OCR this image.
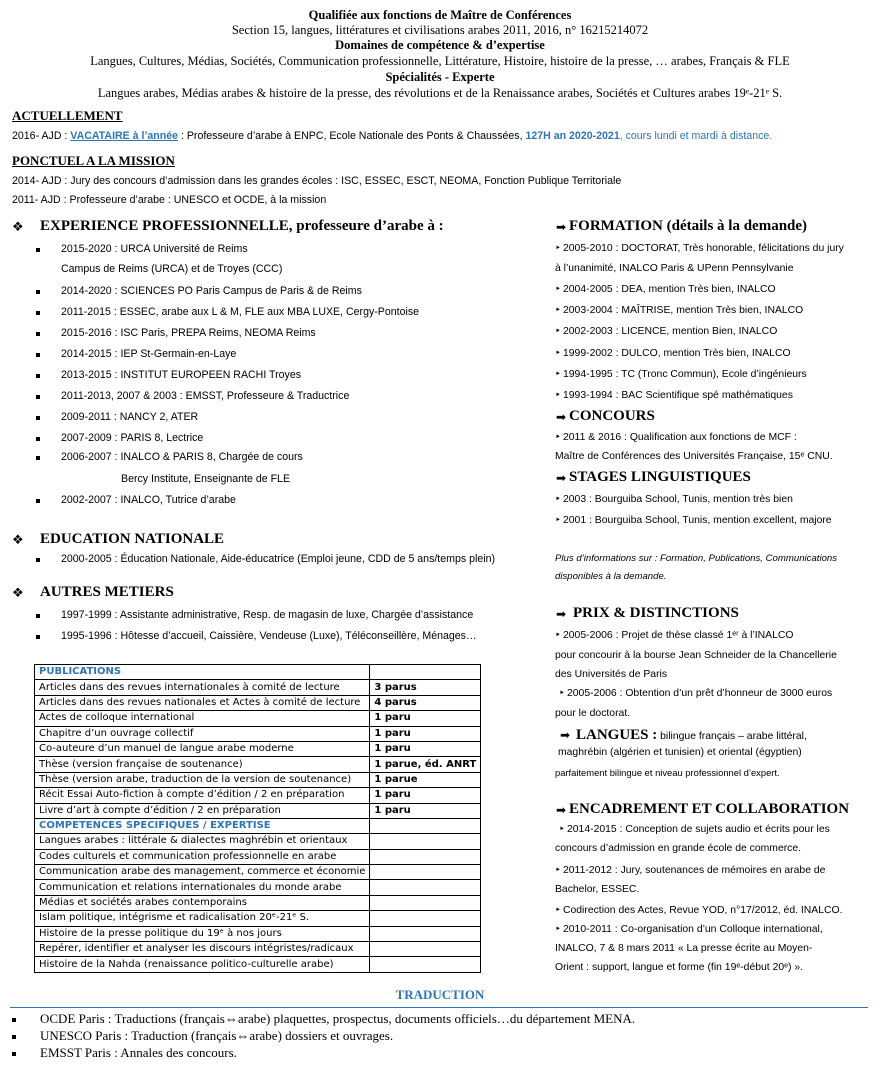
Qualifiée aux fonctions de Maître de Conférences
Section 15, langues, littératures et civilisations arabes 2011, 2016, n° 16215214072
Domaines de compétence & d’expertise
Langues, Cultures, Médias, Sociétés, Communication professionnelle, Littérature, Histoire, histoire de la presse, … arabes, Français & FLE
Spécialités - Experte
Langues arabes, Médias arabes & histoire de la presse, des révolutions et de la Renaissance arabes, Sociétés et Cultures arabes 19ᵉ-21ᵉ S.
ACTUELLEMENT
2016- AJD : VACATAIRE à l’année : Professeure d’arabe à ENPC, Ecole Nationale des Ponts & Chaussées, 127H an 2020-2021, cours lundi et mardi à distance.
PONCTUEL A LA MISSION
2014- AJD : Jury des concours d’admission dans les grandes écoles : ISC, ESSEC, ESCT, NEOMA, Fonction Publique Territoriale
2011- AJD : Professeure d’arabe : UNESCO et OCDE, à la mission
❖ EXPERIENCE PROFESSIONNELLE, professeure d’arabe à :
2015-2020 : URCA Université de Reims
Campus de Reims (URCA) et de Troyes (CCC)
2014-2020 : SCIENCES PO Paris Campus de Paris & de Reims
2011-2015 : ESSEC, arabe aux L & M, FLE aux MBA LUXE, Cergy-Pontoise
2015-2016 : ISC Paris, PREPA Reims, NEOMA Reims
2014-2015 : IEP St-Germain-en-Laye
2013-2015 : INSTITUT EUROPEEN RACHI Troyes
2011-2013, 2007 & 2003 : EMSST, Professeure & Traductrice
2009-2011 : NANCY 2, ATER
2007-2009 : PARIS 8, Lectrice
2006-2007 : INALCO & PARIS 8, Chargée de cours
Bercy Institute, Enseignante de FLE
2002-2007 : INALCO, Tutrice d’arabe
❖ EDUCATION NATIONALE
2000-2005 : Éducation Nationale, Aide-éducatrice (Emploi jeune, CDD de 5 ans/temps plein)
❖ AUTRES METIERS
1997-1999 : Assistante administrative, Resp. de magasin de luxe, Chargée d’assistance
1995-1996 : Hôtesse d’accueil, Caissière, Vendeuse (Luxe), Téléconseillère, Ménages…
PUBLICATIONS	
Articles dans des revues internationales à comité de lecture	3 parus
Articles dans des revues nationales et Actes à comité de lecture	4 parus
Actes de colloque international	1 paru
Chapitre d’un ouvrage collectif	1 paru
Co-auteure d’un manuel de langue arabe moderne	1 paru
Thèse (version française de soutenance)	1 parue, éd. ANRT
Thèse (version arabe, traduction de la version de soutenance)	1 parue
Récit Essai Auto-fiction à compte d’édition / 2 en préparation	1 paru
Livre d’art à compte d’édition / 2 en préparation	1 paru
COMPETENCES SPECIFIQUES / EXPERTISE	
Langues arabes : littérale & dialectes maghrébin et orientaux	
Codes culturels et communication professionnelle en arabe	
Communication arabe des management, commerce et économie	
Communication et relations internationales du monde arabe	
Médias et sociétés arabes contemporains	
Islam politique, intégrisme et radicalisation 20ᵉ-21ᵉ S.	
Histoire de la presse politique du 19ᵉ à nos jours	
Repérer, identifier et analyser les discours intégristes/radicaux	
Histoire de la Nahda (renaissance politico-culturelle arabe)	
➡ FORMATION (détails à la demande)
‣ 2005-2010 : DOCTORAT, Très honorable, félicitations du jury
à l’unanimité, INALCO Paris & UPenn Pennsylvanie
‣ 2004-2005 : DEA, mention Très bien, INALCO
‣ 2003-2004 : MAÎTRISE, mention Très bien, INALCO
‣ 2002-2003 : LICENCE, mention Bien, INALCO
‣ 1999-2002 : DULCO, mention Très bien, INALCO
‣ 1994-1995 : TC (Tronc Commun), Ecole d’ingénieurs
‣ 1993-1994 : BAC Scientifique spé mathématiques
➡ CONCOURS
‣ 2011 & 2016 : Qualification aux fonctions de MCF :
Maître de Conférences des Universités Française, 15ᵉ CNU.
➡ STAGES LINGUISTIQUES
‣ 2003 : Bourguiba School, Tunis, mention très bien
‣ 2001 : Bourguiba School, Tunis, mention excellent, majore
Plus d’informations sur : Formation, Publications, Communications
disponibles à la demande.
➡ PRIX & DISTINCTIONS
‣ 2005-2006 : Projet de thèse classé 1ᵉʳ à l’INALCO
pour concourir à la bourse Jean Schneider de la Chancellerie
des Universités de Paris
‣ 2005-2006 : Obtention d’un prêt d’honneur de 3000 euros
pour le doctorat.
➡ LANGUES : bilingue français – arabe littéral,
maghrébin (algérien et tunisien) et oriental (égyptien)
parfaitement bilingue et niveau professionnel d’expert.
➡ ENCADREMENT ET COLLABORATION
‣ 2014-2015 : Conception de sujets audio et écrits pour les
concours d’admission en grande école de commerce.
‣ 2011-2012 : Jury, soutenances de mémoires en arabe de
Bachelor, ESSEC.
‣ Codirection des Actes, Revue YOD, n°17/2012, éd. INALCO.
‣ 2010-2011 : Co-organisation d’un Colloque international,
INALCO, 7 & 8 mars 2011 « La presse écrite au Moyen-
Orient : support, langue et forme (fin 19ᵉ-début 20ᵉ) ».
TRADUCTION
OCDE Paris : Traductions (français⇔arabe) plaquettes, prospectus, documents officiels…du département MENA.
UNESCO Paris : Traduction (français⇔arabe) dossiers et ouvrages.
EMSST Paris : Annales des concours.
